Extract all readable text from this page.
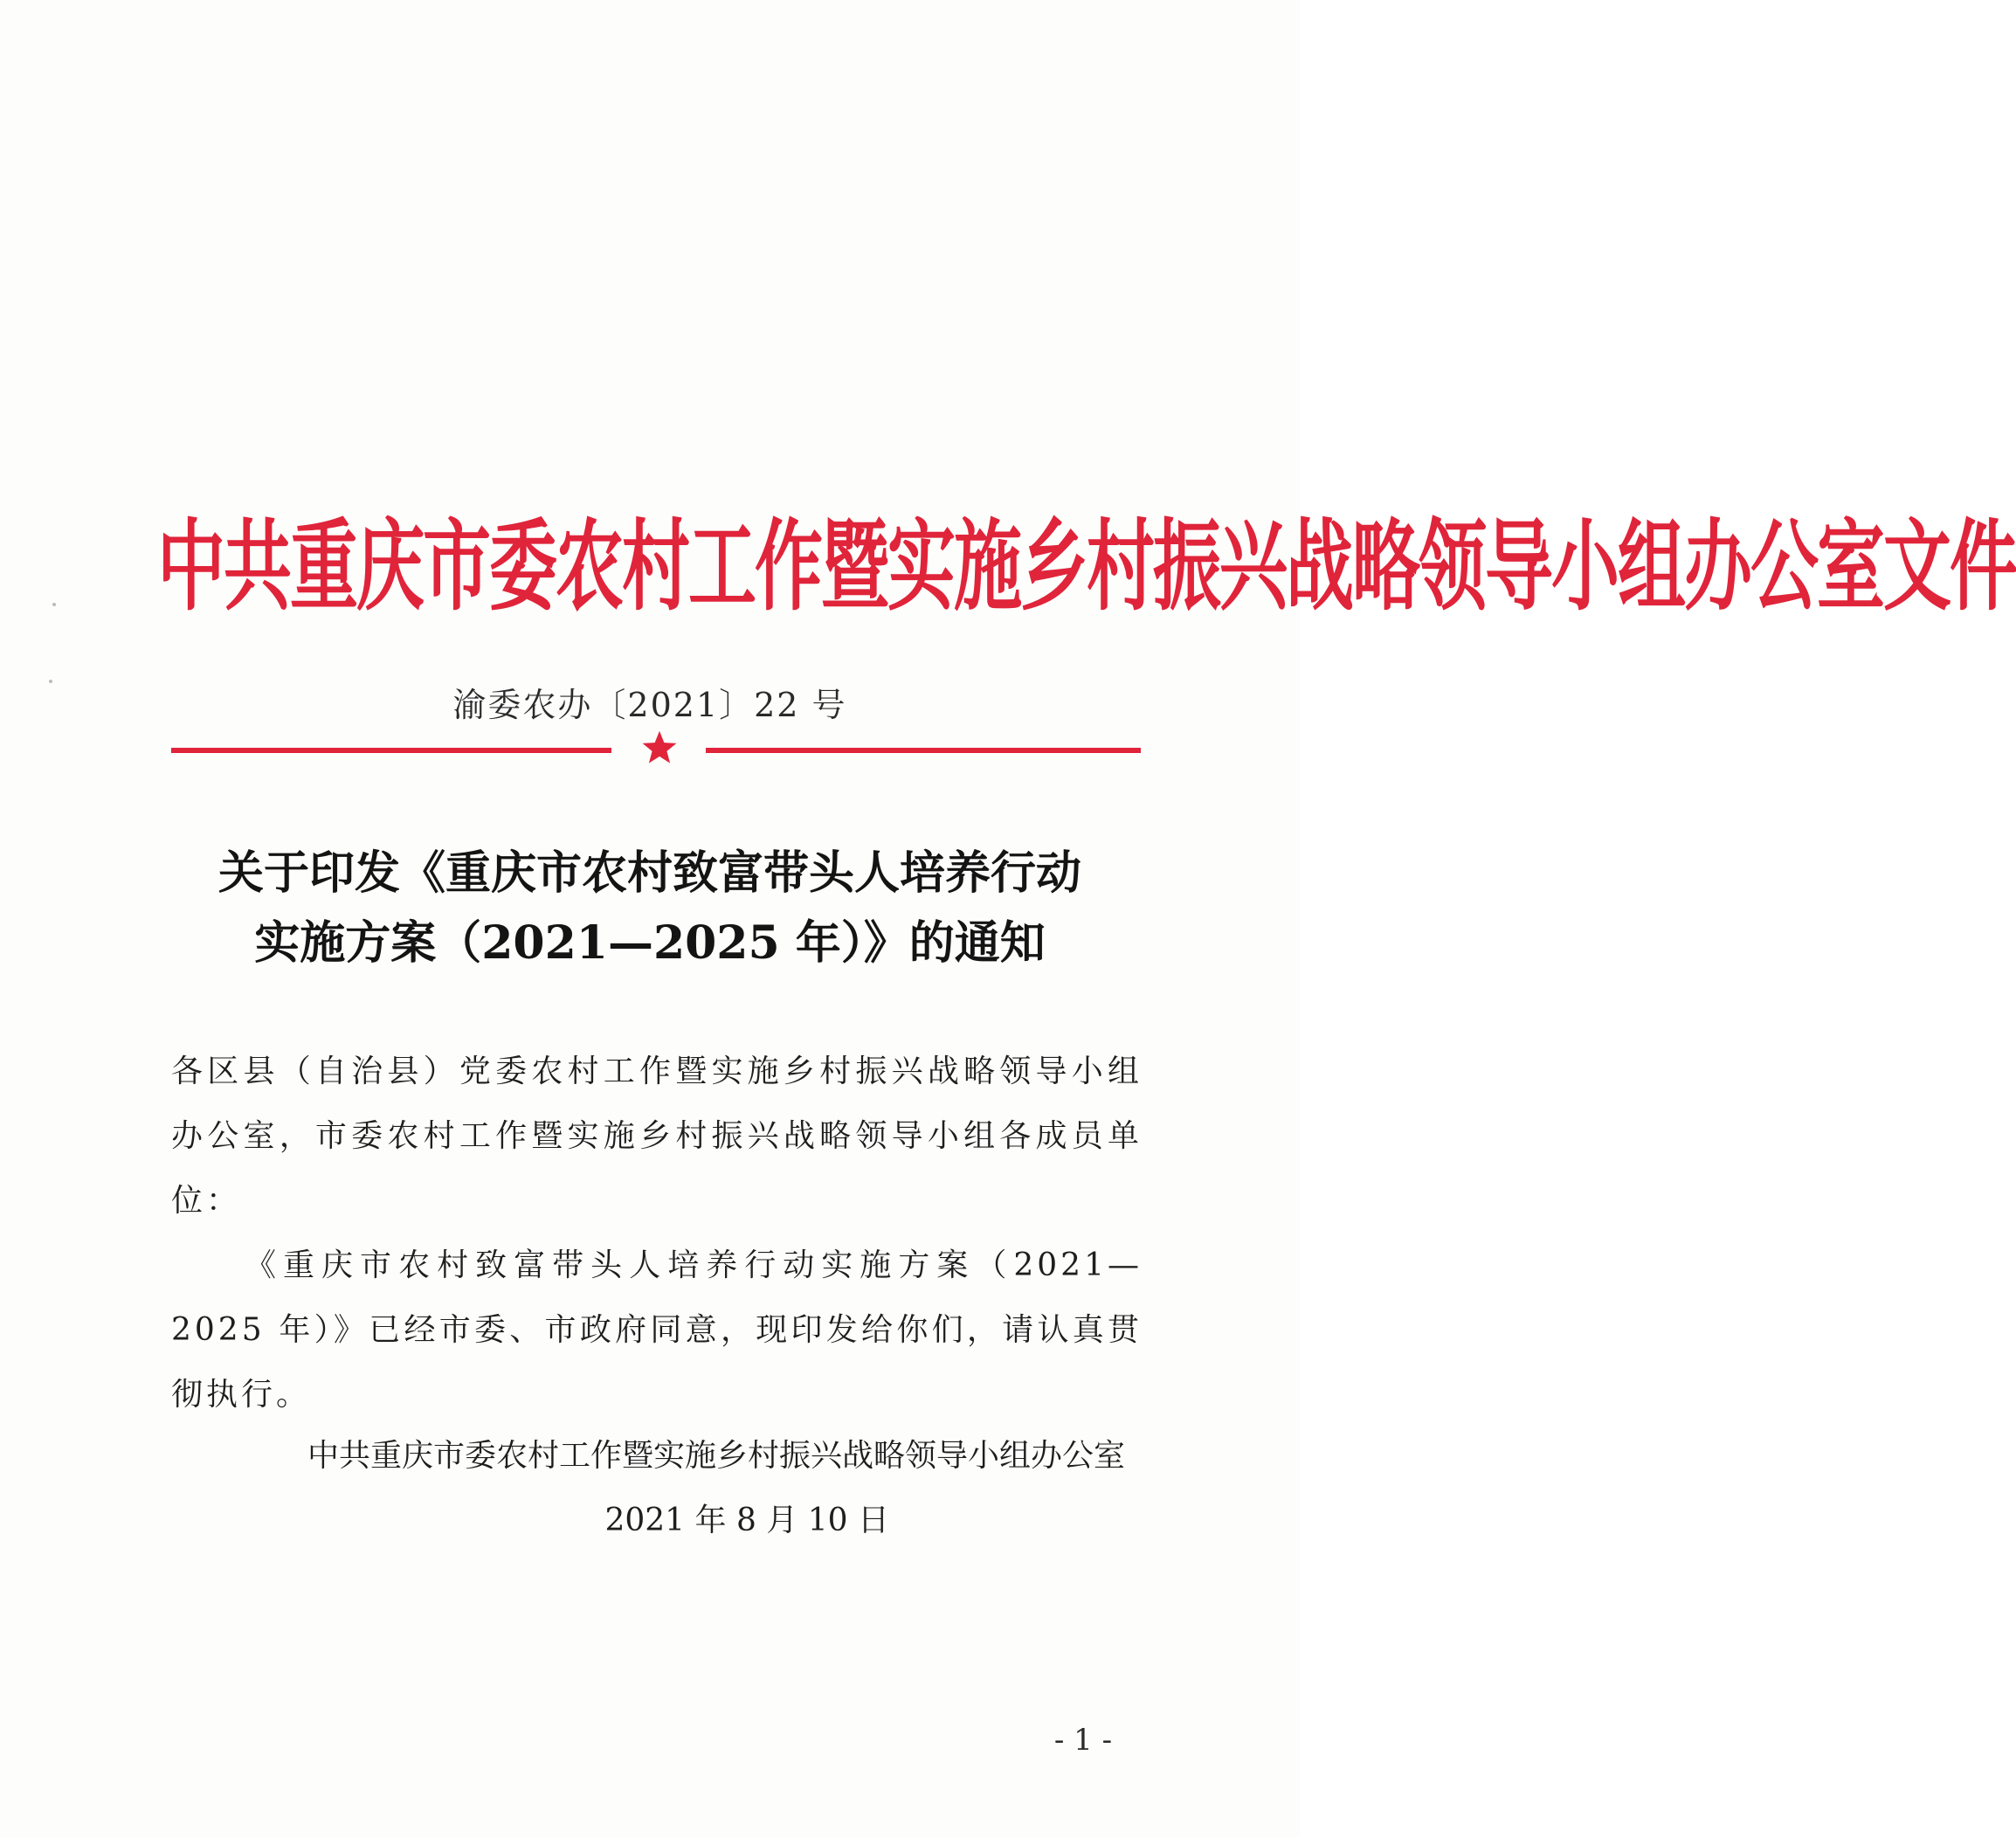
中共重庆市委农村工作暨实施乡村振兴战略领导小组办公室文件
渝委农办〔2021〕22 号
关于印发《重庆市农村致富带头人培养行动
实施方案（2021—2025 年）》的通知

各区县（自治县）党委农村工作暨实施乡村振兴战略领导小组办公室，市委农村工作暨实施乡村振兴战略领导小组各成员单位：

《重庆市农村致富带头人培养行动实施方案（2021—2025 年）》已经市委、市政府同意，现印发给你们，请认真贯彻执行。

中共重庆市委农村工作暨实施乡村振兴战略领导小组办公室
2021 年 8 月 10 日
- 1 -
